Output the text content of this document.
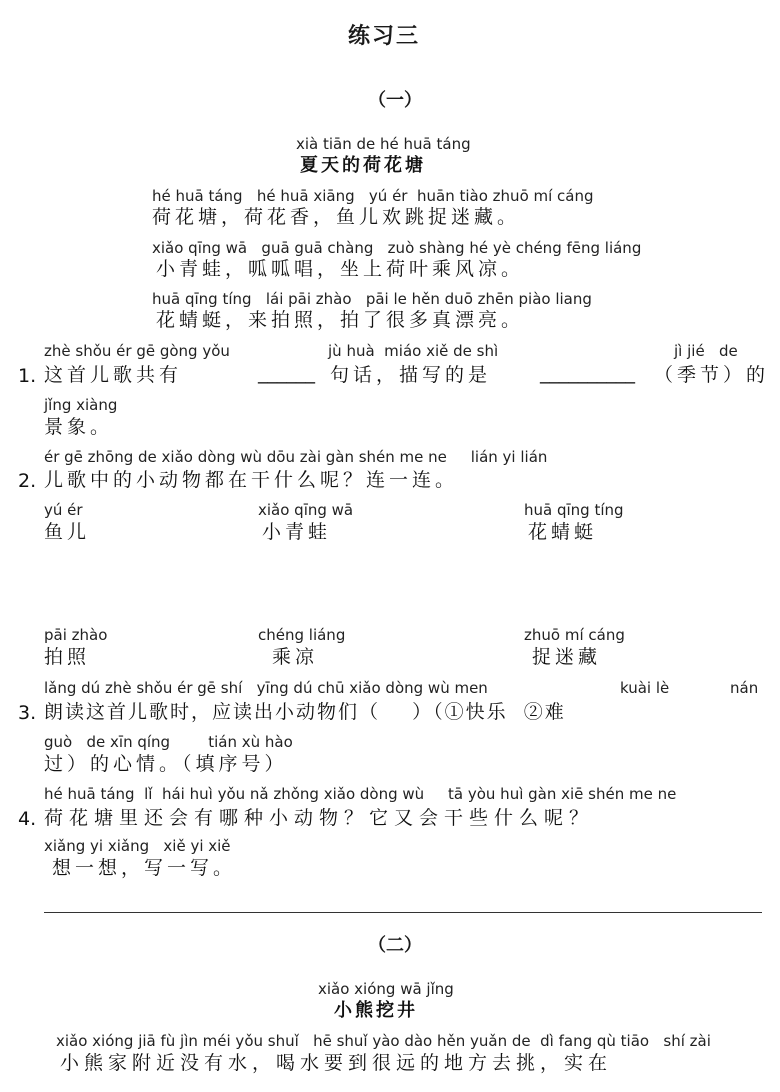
练习三
（一）
xià tiān de hé huā táng
夏天的荷花塘
hé huā táng   hé huā xiāng   yú ér  huān tiào zhuō mí cáng
荷花塘，荷花香，鱼儿欢跳捉迷藏。
xiǎo qīng wā   guā guā chàng   zuò shàng hé yè chéng fēng liáng
小青蛙，呱呱唱，坐上荷叶乘风凉。
huā qīng tíng   lái pāi zhào   pāi le hěn duō zhēn piào liang
花蜻蜓，来拍照，拍了很多真漂亮。
zhè shǒu ér gē gòng yǒu	jù huà  miáo xiě de shì	jì jié   de
1. 这首儿歌共有	______ 句话，描写的是	__________ （季节）的
jǐng xiàng
景象。
ér gē zhōng de xiǎo dòng wù dōu zài gàn shén me ne     lián yi lián
2. 儿歌中的小动物都在干什么呢？连一连。
yú ér
鱼儿
xiǎo qīng wā
小青蛙
huā qīng tíng
花蜻蜓
pāi zhào
拍照
chéng liáng
乘凉
zhuō mí cáng
捉迷藏
lǎng dú zhè shǒu ér gē shí   yīng dú chū xiǎo dòng wù men	kuài lè	nán
3. 朗读这首儿歌时，应读出小动物们（    ）（①快乐  ②难
guò   de xīn qíng        tián xù hào
过）的心情。（填序号）
hé huā táng  lǐ  hái huì yǒu nǎ zhǒng xiǎo dòng wù     tā yòu huì gàn xiē shén me ne
4. 荷花塘里还会有哪种小动物？它又会干些什么呢？
xiǎng yi xiǎng   xiě yi xiě
想一想，写一写。
（二）
xiǎo xióng wā jǐng
小熊挖井
xiǎo xióng jiā fù jìn méi yǒu shuǐ   hē shuǐ yào dào hěn yuǎn de  dì fang qù tiāo   shí zài
小熊家附近没有水，喝水要到很远的地方去挑，实在
